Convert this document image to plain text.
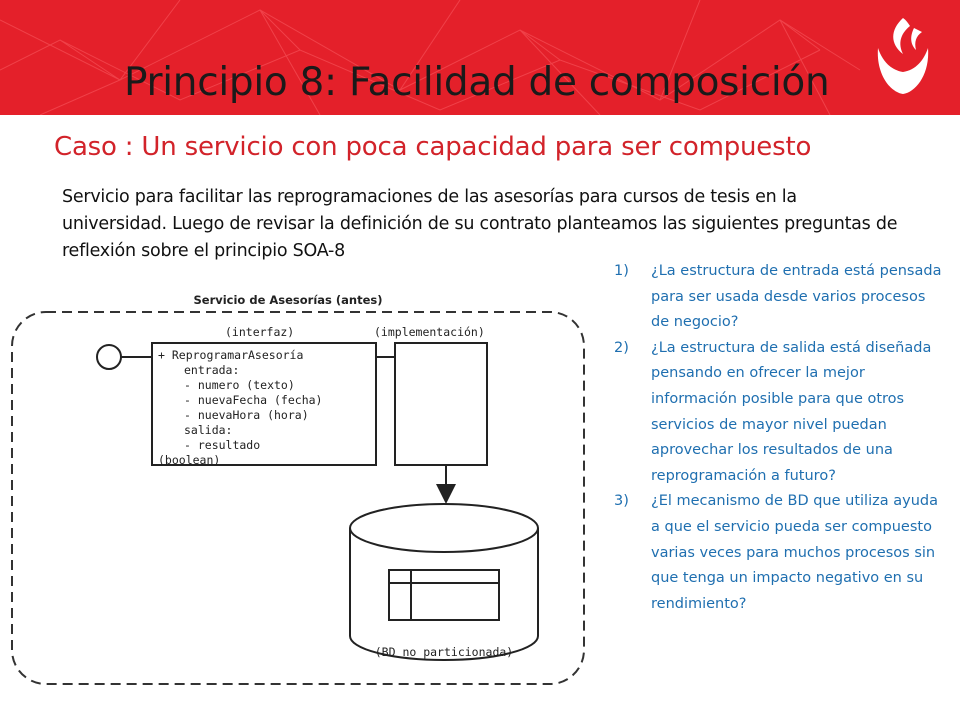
Principio 8: Facilidad de composición
Caso : Un servicio con poca capacidad para ser compuesto
Servicio para facilitar las reprogramaciones de las asesorías para cursos de tesis en la universidad. Luego de revisar la definición de su contrato planteamos las siguientes preguntas de reflexión sobre el principio SOA-8
Servicio de Asesorías (antes)
(interfaz)	(implementación)
+ ReprogramarAsesoría
entrada:
- numero (texto)
- nuevaFecha (fecha)
- nuevaHora (hora)
salida:
- resultado
(boolean)
(BD no particionada)
1) ¿La estructura de entrada está pensada para ser usada desde varios procesos de negocio?
2) ¿La estructura de salida está diseñada pensando en ofrecer la mejor información posible para que otros servicios de mayor nivel puedan aprovechar los resultados de una reprogramación a futuro?
3) ¿El mecanismo de BD que utiliza ayuda a que el servicio pueda ser compuesto varias veces para muchos procesos sin que tenga un impacto negativo en su rendimiento?
